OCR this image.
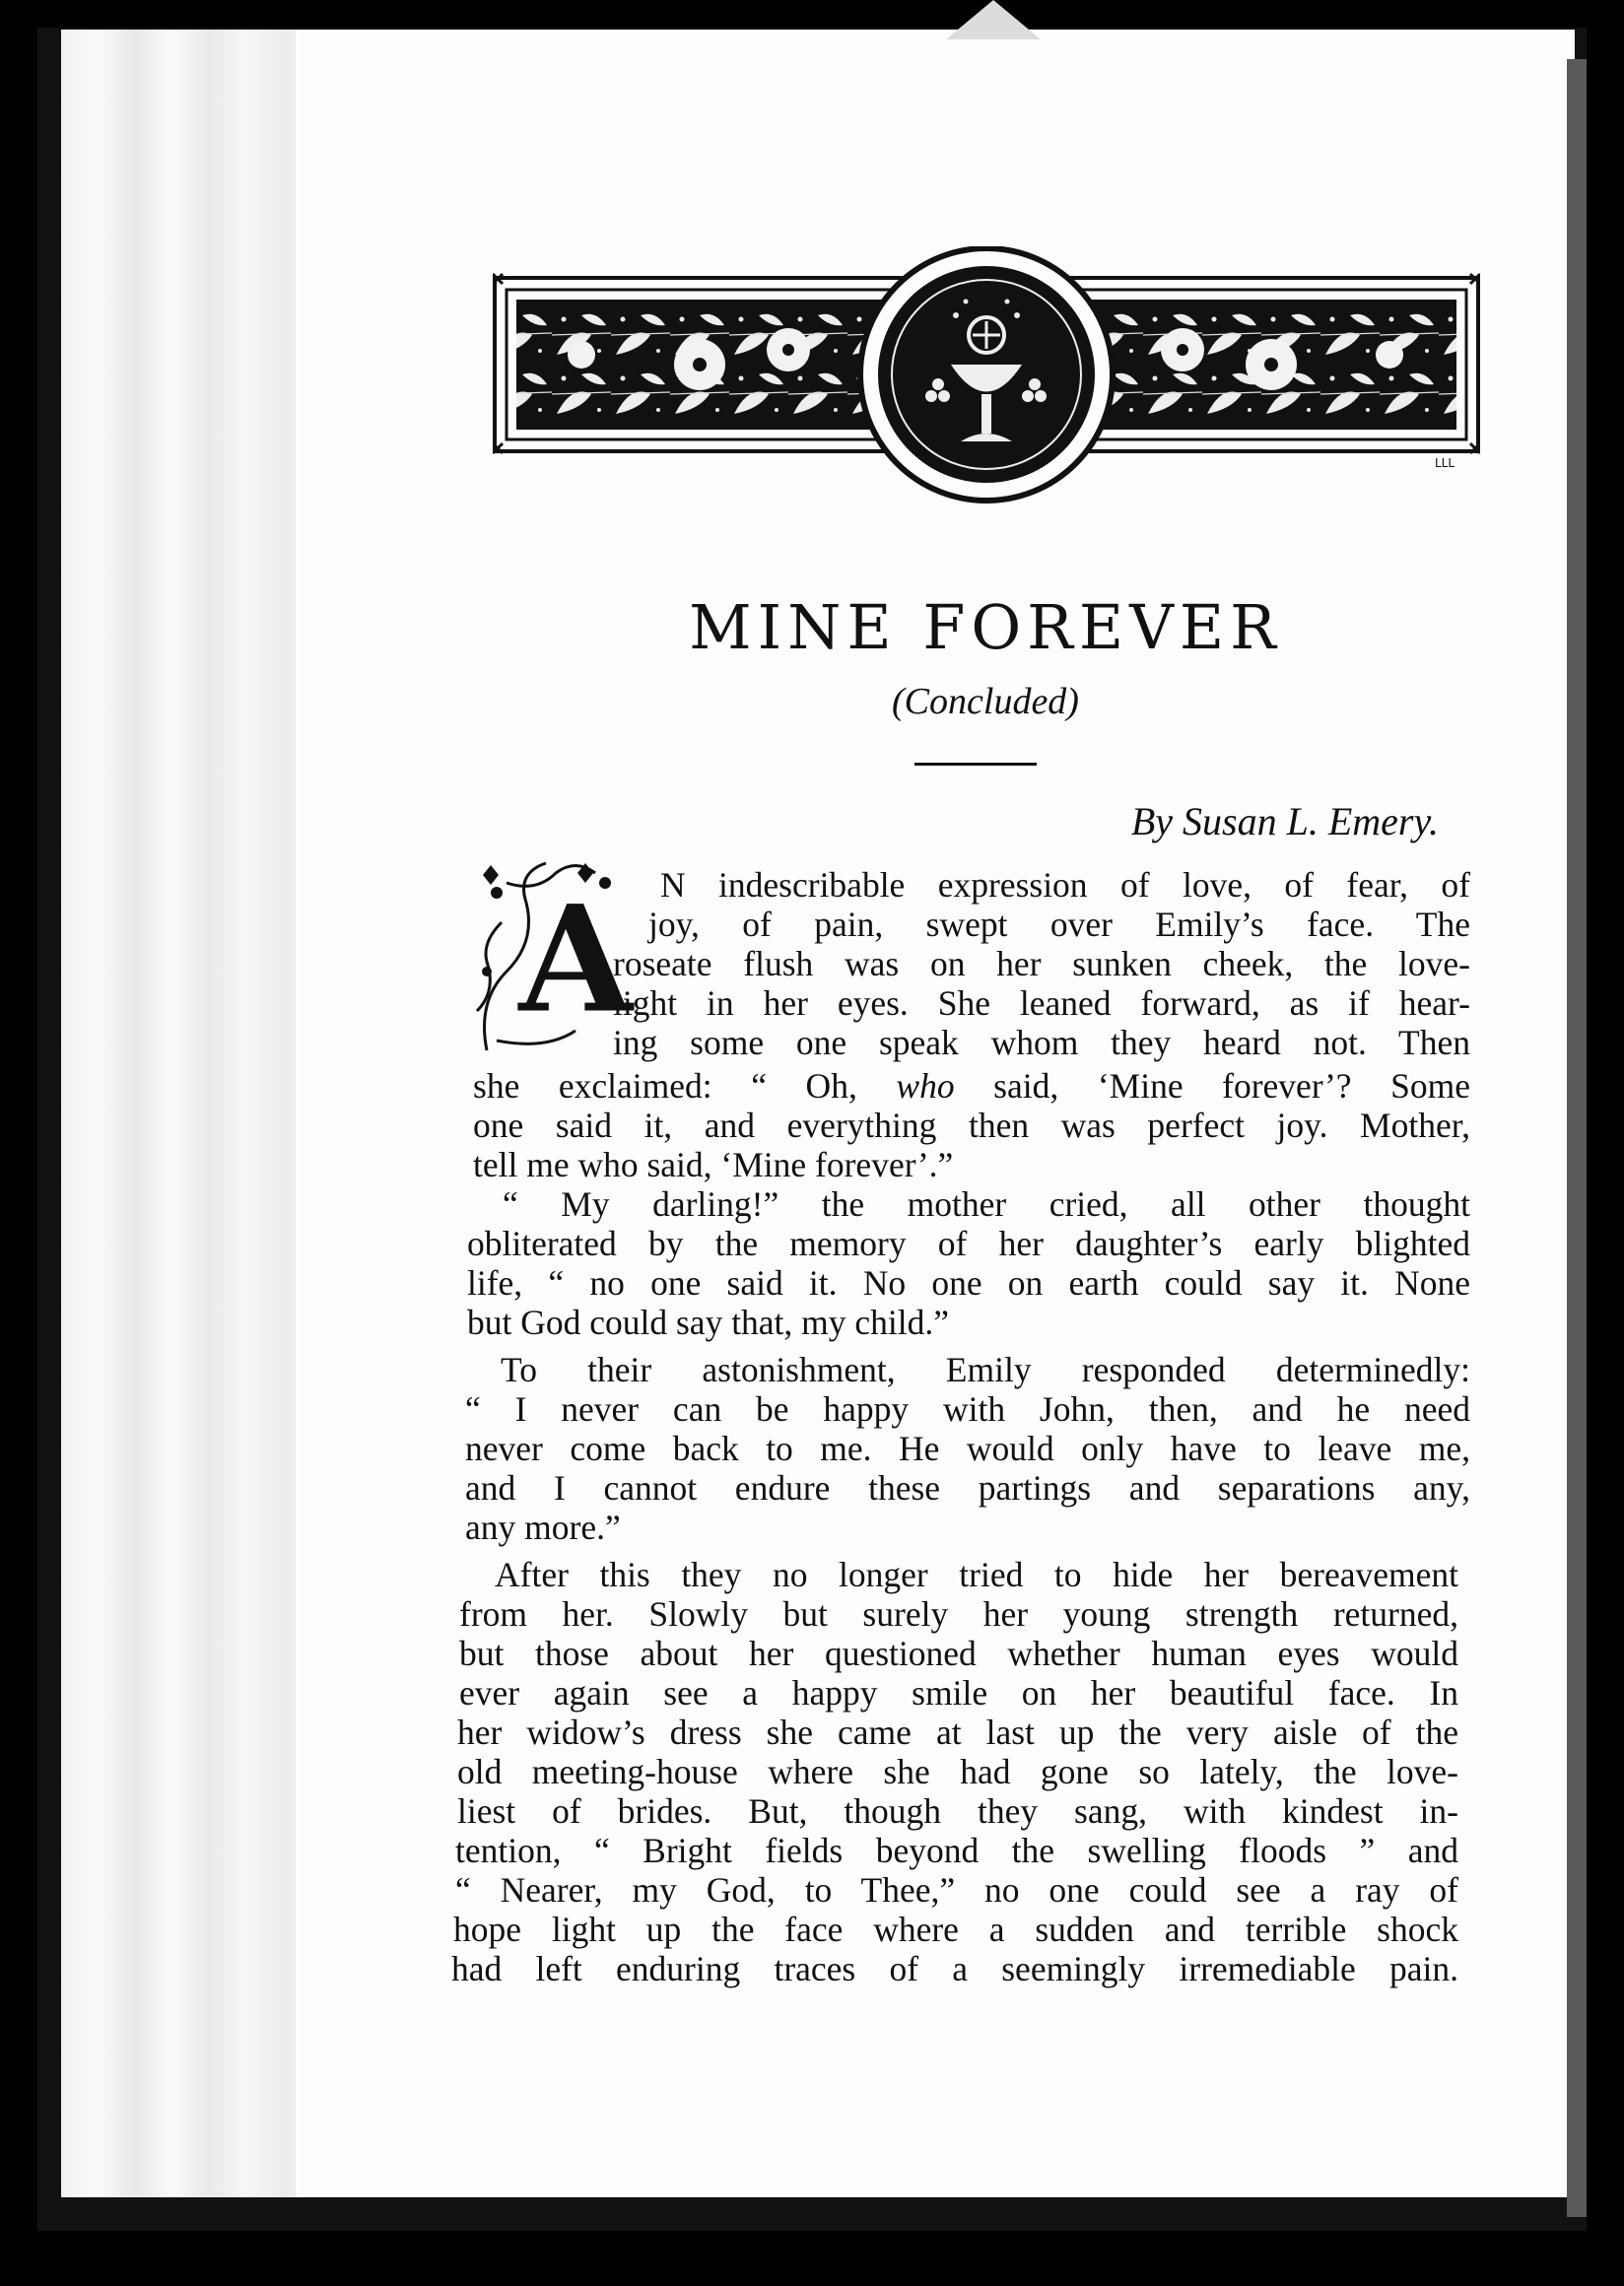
LLL
MINE FOREVER
(Concluded)
By Susan L. Emery.
A N indescribable expression of love, of fear, of
joy, of pain, swept over Emily’s face. The
roseate flush was on her sunken cheek, the love-
light in her eyes. She leaned forward, as if hear-
ing some one speak whom they heard not. Then
she exclaimed: “ Oh, who said, ‘Mine forever’? Some
one said it, and everything then was perfect joy. Mother,
tell me who said, ‘Mine forever’.”
“ My darling!” the mother cried, all other thought
obliterated by the memory of her daughter’s early blighted
life, “ no one said it. No one on earth could say it. None
but God could say that, my child.”
To their astonishment, Emily responded determinedly:
“ I never can be happy with John, then, and he need
never come back to me. He would only have to leave me,
and I cannot endure these partings and separations any,
any more.”
After this they no longer tried to hide her bereavement
from her. Slowly but surely her young strength returned,
but those about her questioned whether human eyes would
ever again see a happy smile on her beautiful face. In
her widow’s dress she came at last up the very aisle of the
old meeting-house where she had gone so lately, the love-
liest of brides. But, though they sang, with kindest in-
tention, “ Bright fields beyond the swelling floods ” and
“ Nearer, my God, to Thee,” no one could see a ray of
hope light up the face where a sudden and terrible shock
had left enduring traces of a seemingly irremediable pain.
